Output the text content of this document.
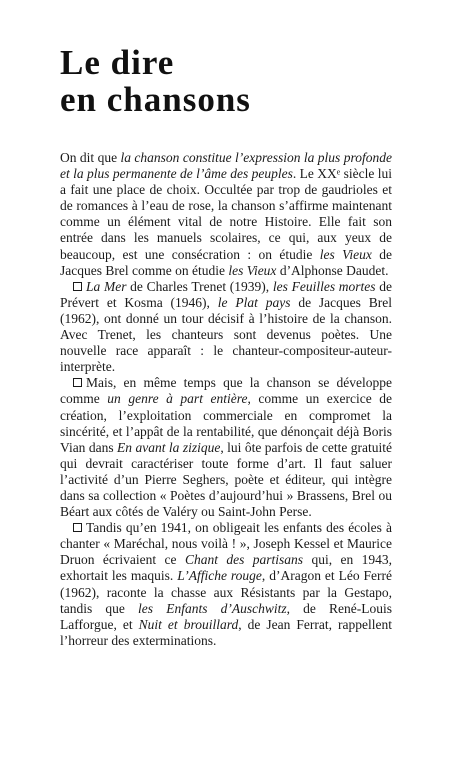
Le dire
en chansons

On dit que la chanson constitue l’expression la plus profonde et la plus permanente de l’âme des peuples. Le XXᵉ siècle lui a fait une place de choix. Occultée par trop de gaudrioles et de romances à l’eau de rose, la chanson s’affirme maintenant comme un élément vital de notre Histoire. Elle fait son entrée dans les manuels scolaires, ce qui, aux yeux de beaucoup, est une consécration : on étudie les Vieux de Jacques Brel comme on étudie les Vieux d’Alphonse Daudet.

La Mer de Charles Trenet (1939), les Feuilles mortes de Prévert et Kosma (1946), le Plat pays de Jacques Brel (1962), ont donné un tour décisif à l’histoire de la chanson. Avec Trenet, les chanteurs sont devenus poètes. Une nouvelle race apparaît : le chanteur-compositeur-auteur-interprète.

Mais, en même temps que la chanson se développe comme un genre à part entière, comme un exercice de création, l’exploitation commerciale en compromet la sincérité, et l’appât de la rentabilité, que dénonçait déjà Boris Vian dans En avant la zizique, lui ôte parfois de cette gratuité qui devrait caractériser toute forme d’art. Il faut saluer l’activité d’un Pierre Seghers, poète et éditeur, qui intègre dans sa collection « Poètes d’aujourd’hui » Brassens, Brel ou Béart aux côtés de Valéry ou Saint-John Perse.

Tandis qu’en 1941, on obligeait les enfants des écoles à chanter « Maréchal, nous voilà ! », Joseph Kessel et Maurice Druon écrivaient ce Chant des partisans qui, en 1943, exhortait les maquis. L’Affiche rouge, d’Aragon et Léo Ferré (1962), raconte la chasse aux Résistants par la Gestapo, tandis que les Enfants d’Auschwitz, de René-Louis Lafforgue, et Nuit et brouillard, de Jean Ferrat, rappellent l’horreur des exterminations.
